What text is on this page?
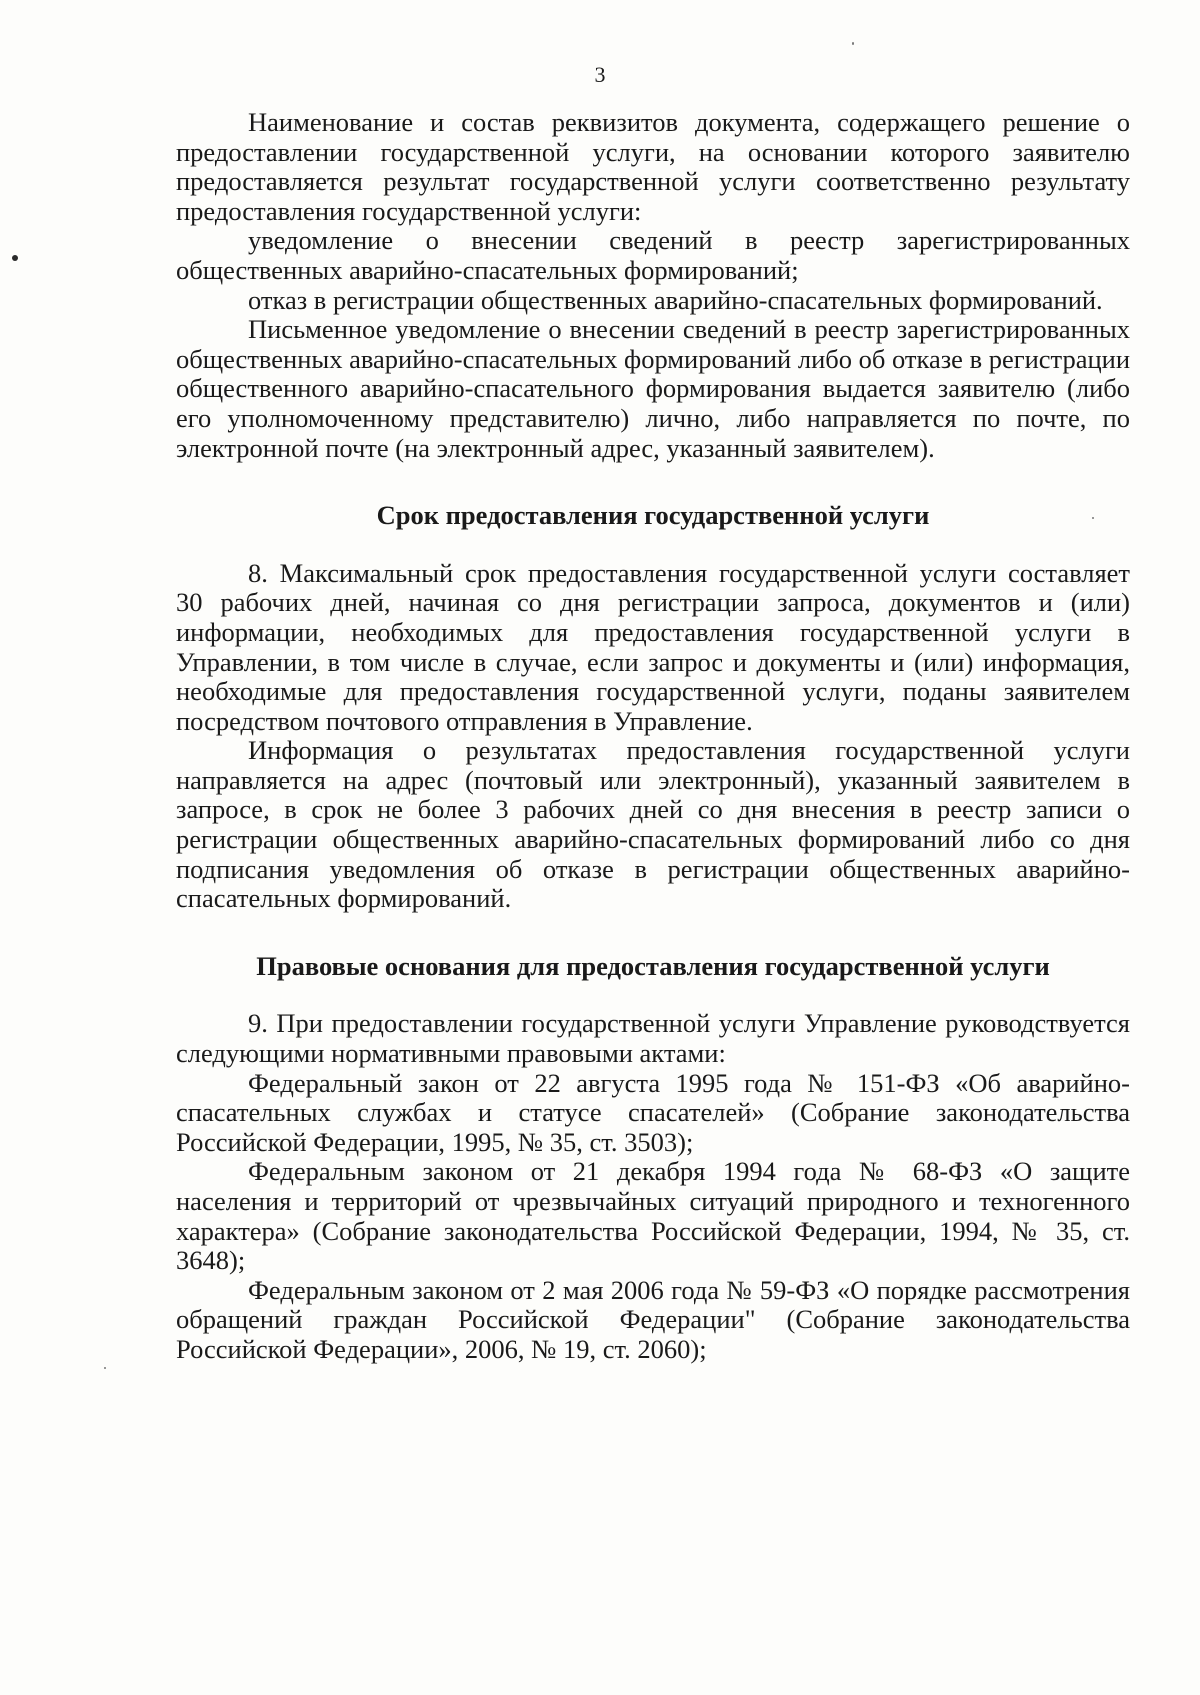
3

Наименование и состав реквизитов документа, содержащего решение о предоставлении государственной услуги, на основании которого заявителю предоставляется результат государственной услуги соответственно результату предоставления государственной услуги:

уведомление о внесении сведений в реестр зарегистрированных общественных аварийно-спасательных формирований;

отказ в регистрации общественных аварийно-спасательных формирований.

Письменное уведомление о внесении сведений в реестр зарегистрированных общественных аварийно-спасательных формирований либо об отказе в регистрации общественного аварийно-спасательного формирования выдается заявителю (либо его уполномоченному представителю) лично, либо направляется по почте, по электронной почте (на электронный адрес, указанный заявителем).

Срок предоставления государственной услуги

8. Максимальный срок предоставления государственной услуги составляет 30 рабочих дней, начиная со дня регистрации запроса, документов и (или) информации, необходимых для предоставления государственной услуги в Управлении, в том числе в случае, если запрос и документы и (или) информация, необходимые для предоставления государственной услуги, поданы заявителем посредством почтового отправления в Управление.

Информация о результатах предоставления государственной услуги направляется на адрес (почтовый или электронный), указанный заявителем в запросе, в срок не более 3 рабочих дней со дня внесения в реестр записи о регистрации общественных аварийно-спасательных формирований либо со дня подписания уведомления об отказе в регистрации общественных аварийно-спасательных формирований.

Правовые основания для предоставления государственной услуги

9. При предоставлении государственной услуги Управление руководствуется следующими нормативными правовыми актами:

Федеральный закон от 22 августа 1995 года № 151-ФЗ «Об аварийно-спасательных службах и статусе спасателей» (Собрание законодательства Российской Федерации, 1995, № 35, ст. 3503);

Федеральным законом от 21 декабря 1994 года № 68-ФЗ «О защите населения и территорий от чрезвычайных ситуаций природного и техногенного характера» (Собрание законодательства Российской Федерации, 1994, № 35, ст. 3648);

Федеральным законом от 2 мая 2006 года № 59-ФЗ «О порядке рассмотрения обращений граждан Российской Федерации" (Собрание законодательства Российской Федерации», 2006, № 19, ст. 2060);
